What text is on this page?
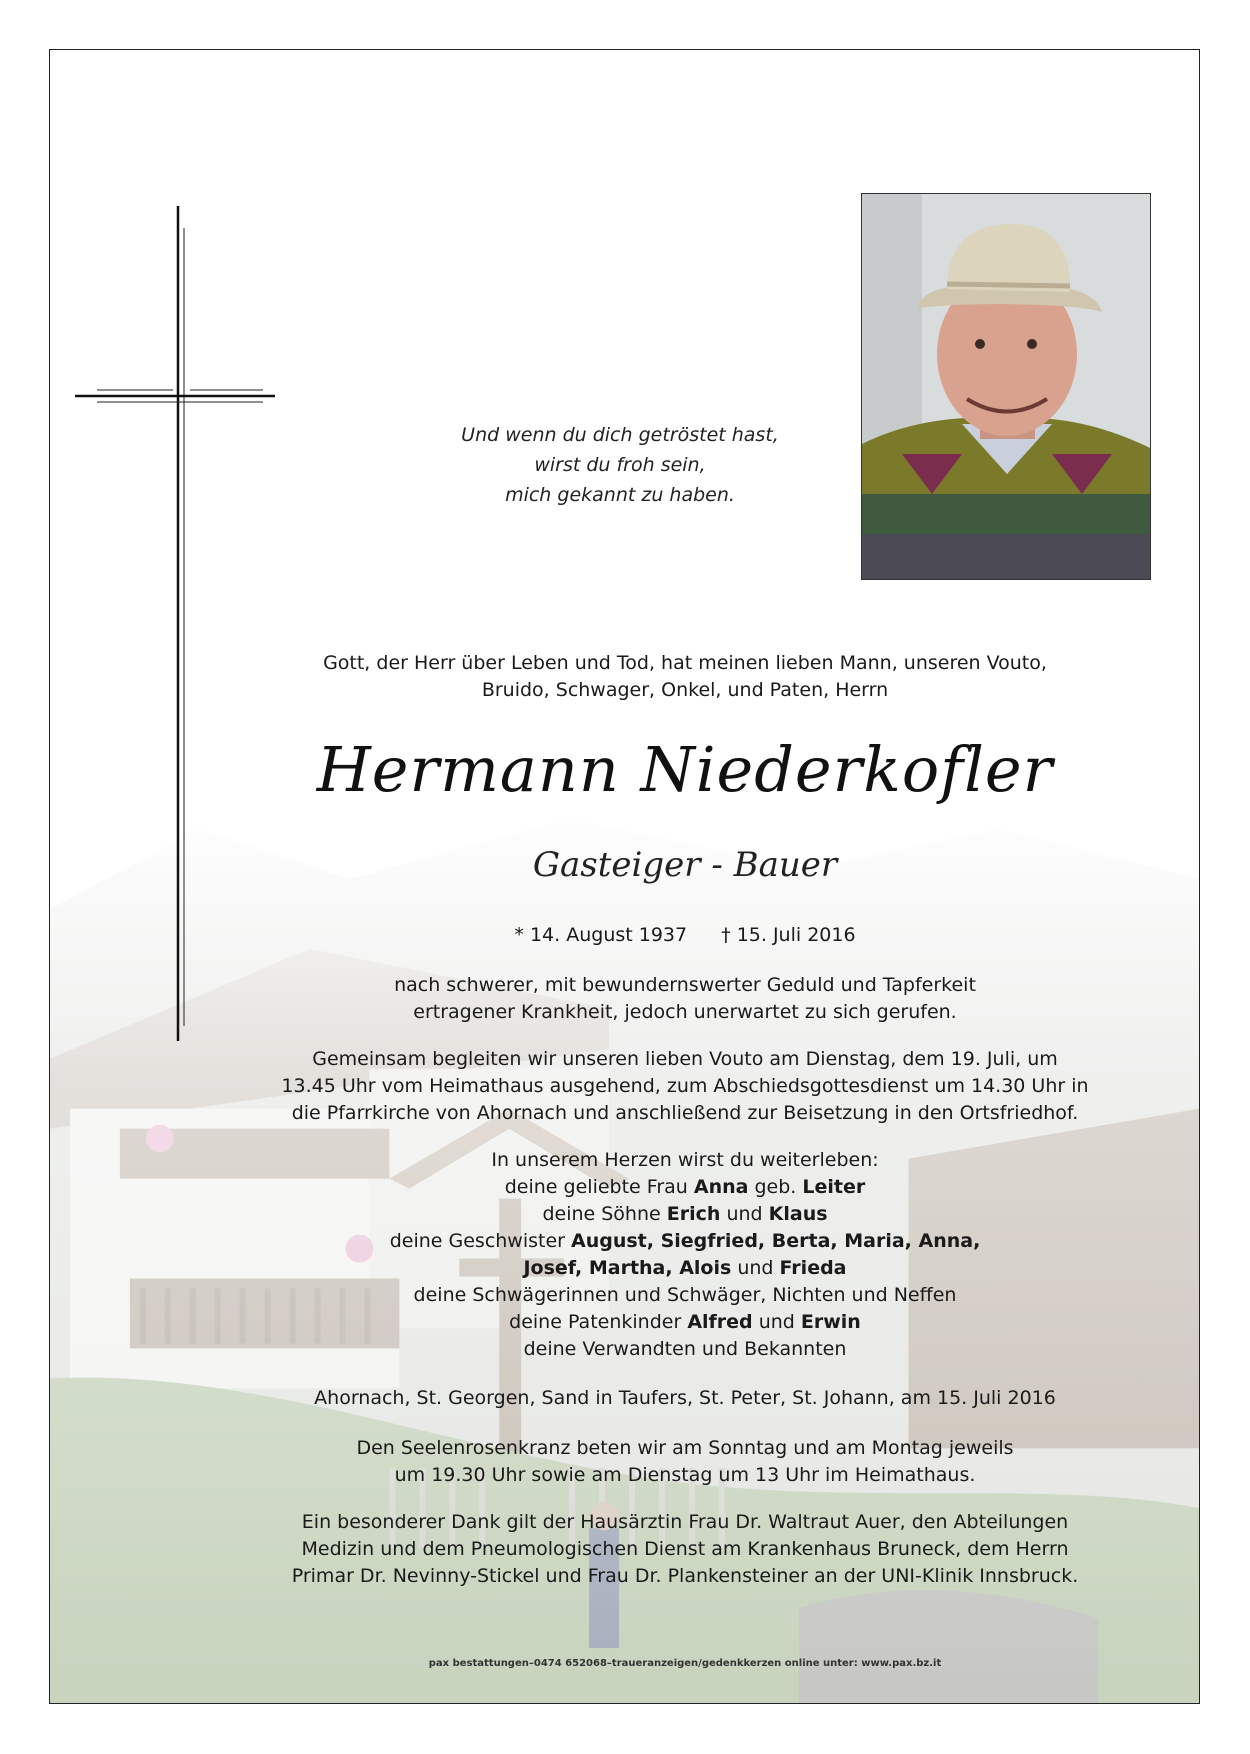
Und wenn du dich getröstet hast,
wirst du froh sein,
mich gekannt zu haben.
Gott, der Herr über Leben und Tod, hat meinen lieben Mann, unseren Vouto,
Bruido, Schwager, Onkel, und Paten, Herrn
Hermann Niederkofler
Gasteiger - Bauer
* 14. August 1937 † 15. Juli 2016
nach schwerer, mit bewundernswerter Geduld und Tapferkeit
ertragener Krankheit, jedoch unerwartet zu sich gerufen.
Gemeinsam begleiten wir unseren lieben Vouto am Dienstag, dem 19. Juli, um
13.45 Uhr vom Heimathaus ausgehend, zum Abschiedsgottesdienst um 14.30 Uhr in
die Pfarrkirche von Ahornach und anschließend zur Beisetzung in den Ortsfriedhof.
In unserem Herzen wirst du weiterleben:
deine geliebte Frau Anna geb. Leiter
deine Söhne Erich und Klaus
deine Geschwister August, Siegfried, Berta, Maria, Anna,
Josef, Martha, Alois und Frieda
deine Schwägerinnen und Schwäger, Nichten und Neffen
deine Patenkinder Alfred und Erwin
deine Verwandten und Bekannten
Ahornach, St. Georgen, Sand in Taufers, St. Peter, St. Johann, am 15. Juli 2016
Den Seelenrosenkranz beten wir am Sonntag und am Montag jeweils
um 19.30 Uhr sowie am Dienstag um 13 Uhr im Heimathaus.
Ein besonderer Dank gilt der Hausärztin Frau Dr. Waltraut Auer, den Abteilungen
Medizin und dem Pneumologischen Dienst am Krankenhaus Bruneck, dem Herrn
Primar Dr. Nevinny-Stickel und Frau Dr. Plankensteiner an der UNI-Klinik Innsbruck.
pax bestattungen–0474 652068–traueranzeigen/gedenkkerzen online unter: www.pax.bz.it
